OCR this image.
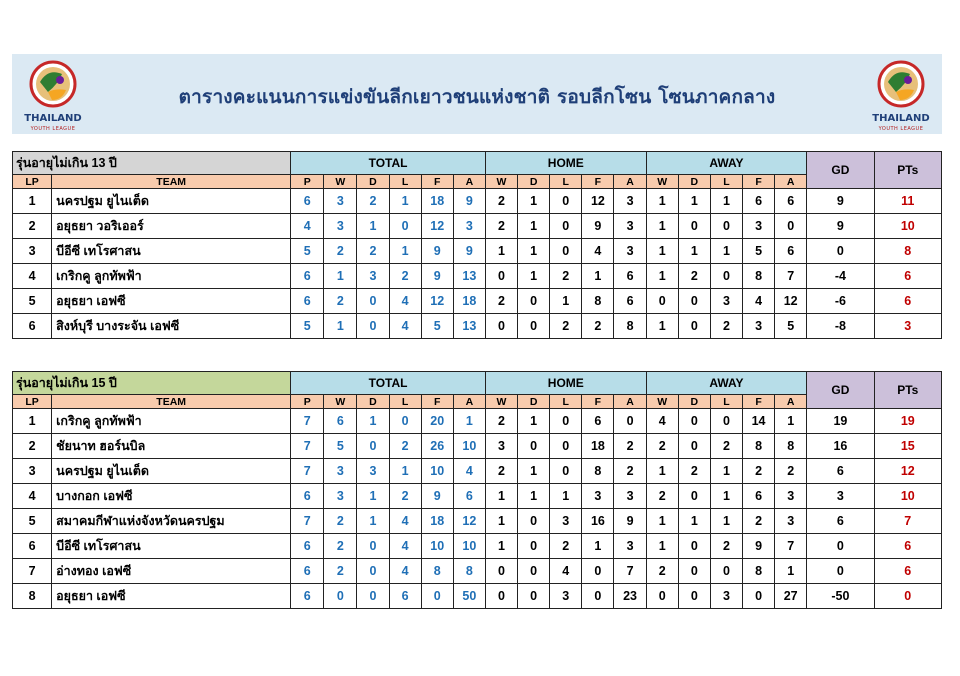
THAILAND
YOUTH LEAGUE
ตารางคะแนนการแข่งขันลีกเยาวชนแห่งชาติ รอบลีกโซน โซนภาคกลาง
THAILAND
YOUTH LEAGUE
รุ่นอายุไม่เกิน 13 ปี		TOTAL						HOME					AWAY					GD	PTs
LP	TEAM	P	W	D	L	F	A	W	D	L	F	A	W	D	L	F	A		
1	นครปฐม ยูไนเต็ด	6	3	2	1	18	9	2	1	0	12	3	1	1	1	6	6	9	11
2	อยุธยา วอริเออร์	4	3	1	0	12	3	2	1	0	9	3	1	0	0	3	0	9	10
3	บีอีซี เทโรศาสน	5	2	2	1	9	9	1	1	0	4	3	1	1	1	5	6	0	8
4	เกริกคู ลูกทัพฟ้า	6	1	3	2	9	13	0	1	2	1	6	1	2	0	8	7	-4	6
5	อยุธยา เอฟซี	6	2	0	4	12	18	2	0	1	8	6	0	0	3	4	12	-6	6
6	สิงห์บุรี บางระจัน เอฟซี	5	1	0	4	5	13	0	0	2	2	8	1	0	2	3	5	-8	3
รุ่นอายุไม่เกิน 15 ปี		TOTAL						HOME					AWAY					GD	PTs
LP	TEAM	P	W	D	L	F	A	W	D	L	F	A	W	D	L	F	A		
1	เกริกคู ลูกทัพฟ้า	7	6	1	0	20	1	2	1	0	6	0	4	0	0	14	1	19	19
2	ชัยนาท ฮอร์นบิล	7	5	0	2	26	10	3	0	0	18	2	2	0	2	8	8	16	15
3	นครปฐม ยูไนเต็ด	7	3	3	1	10	4	2	1	0	8	2	1	2	1	2	2	6	12
4	บางกอก เอฟซี	6	3	1	2	9	6	1	1	1	3	3	2	0	1	6	3	3	10
5	สมาคมกีฬาแห่งจังหวัดนครปฐม	7	2	1	4	18	12	1	0	3	16	9	1	1	1	2	3	6	7
6	บีอีซี เทโรศาสน	6	2	0	4	10	10	1	0	2	1	3	1	0	2	9	7	0	6
7	อ่างทอง เอฟซี	6	2	0	4	8	8	0	0	4	0	7	2	0	0	8	1	0	6
8	อยุธยา เอฟซี	6	0	0	6	0	50	0	0	3	0	23	0	0	3	0	27	-50	0
